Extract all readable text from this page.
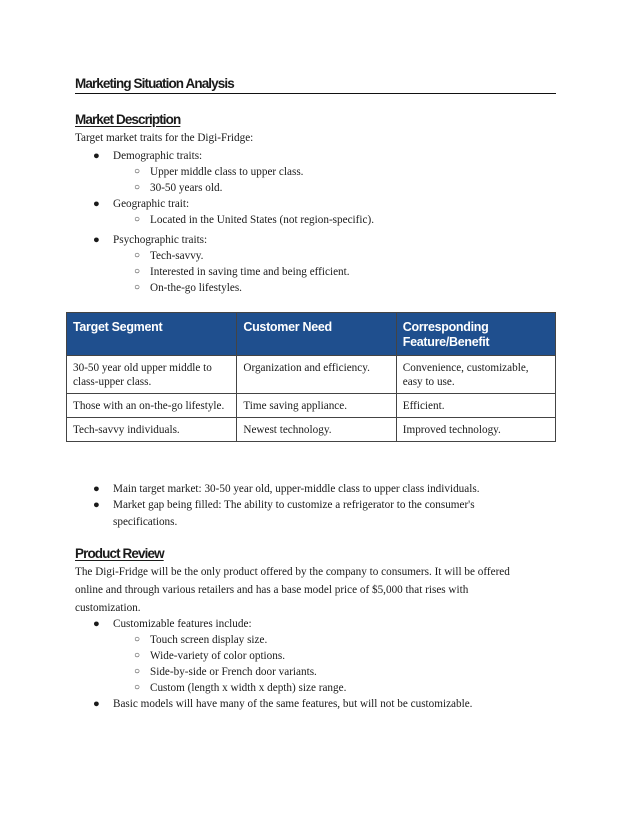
Marketing Situation Analysis
Market Description
Target market traits for the Digi-Fridge:
● Demographic traits:
○ Upper middle class to upper class.
○ 30-50 years old.
● Geographic trait:
○ Located in the United States (not region-specific).
● Psychographic traits:
○ Tech-savvy.
○ Interested in saving time and being efficient.
○ On-the-go lifestyles.
Target Segment	Customer Need	Corresponding Feature/Benefit
30-50 year old upper middle to class-upper class.	Organization and efficiency.	Convenience, customizable, easy to use.
Those with an on-the-go lifestyle.	Time saving appliance.	Efficient.
Tech-savvy individuals.	Newest technology.	Improved technology.
● Main target market: 30-50 year old, upper-middle class to upper class individuals.
● Market gap being filled: The ability to customize a refrigerator to the consumer's
specifications.
Product Review
The Digi-Fridge will be the only product offered by the company to consumers. It will be offered
online and through various retailers and has a base model price of $5,000 that rises with
customization.
● Customizable features include:
○ Touch screen display size.
○ Wide-variety of color options.
○ Side-by-side or French door variants.
○ Custom (length x width x depth) size range.
● Basic models will have many of the same features, but will not be customizable.
